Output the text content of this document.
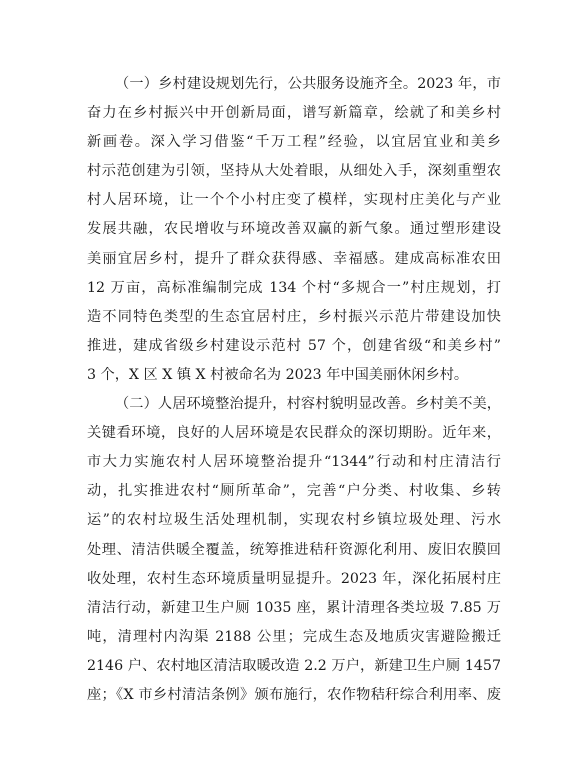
（一）乡村建设规划先行，公共服务设施齐全。2023 年，市
奋力在乡村振兴中开创新局面，谱写新篇章，绘就了和美乡村
新画卷。深入学习借鉴“千万工程”经验，以宜居宜业和美乡
村示范创建为引领，坚持从大处着眼，从细处入手，深刻重塑农
村人居环境，让一个个小村庄变了模样，实现村庄美化与产业
发展共融，农民增收与环境改善双赢的新气象。通过塑形建设
美丽宜居乡村，提升了群众获得感、幸福感。建成高标准农田
12 万亩，高标准编制完成 134 个村“多规合一”村庄规划，打
造不同特色类型的生态宜居村庄，乡村振兴示范片带建设加快
推进，建成省级乡村建设示范村 57 个，创建省级“和美乡村”
3 个，X 区 X 镇 X 村被命名为 2023 年中国美丽休闲乡村。
（二）人居环境整治提升，村容村貌明显改善。乡村美不美，
关键看环境，良好的人居环境是农民群众的深切期盼。近年来，
市大力实施农村人居环境整治提升“1344”行动和村庄清洁行
动，扎实推进农村“厕所革命”，完善“户分类、村收集、乡转
运”的农村垃圾生活处理机制，实现农村乡镇垃圾处理、污水
处理、清洁供暖全覆盖，统筹推进秸秆资源化利用、废旧农膜回
收处理，农村生态环境质量明显提升。2023 年，深化拓展村庄
清洁行动，新建卫生户厕 1035 座，累计清理各类垃圾 7.85 万
吨，清理村内沟渠 2188 公里；完成生态及地质灾害避险搬迁
2146 户、农村地区清洁取暖改造 2.2 万户，新建卫生户厕 1457
座；《X 市乡村清洁条例》颁布施行，农作物秸秆综合利用率、废
